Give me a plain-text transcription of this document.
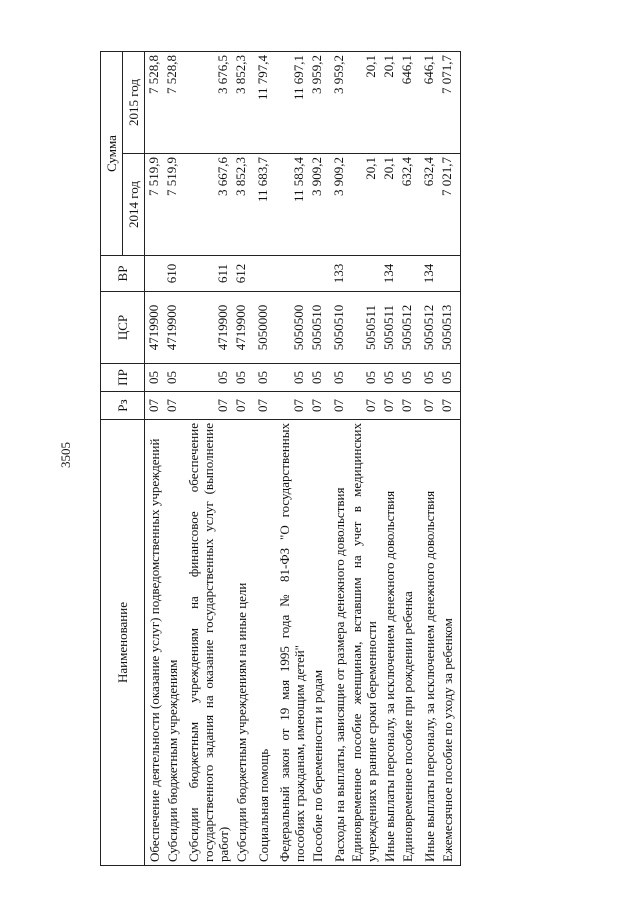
3505
Наименование	Рз	ПР	ЦСР	ВР	Сумма	
					2014 год	2015 год
Обеспечение деятельности (оказание услуг) подведомственных учреждений	07	05	4719900		7 519,9	7 528,8
Субсидии бюджетным учреждениям	07	05	4719900	610	7 519,9	7 528,8
Субсидии бюджетным учреждениям на финансовое обеспечение государственного задания на оказание государственных услуг (выполнение работ)	07	05	4719900	611	3 667,6	3 676,5
Субсидии бюджетным учреждениям на иные цели	07	05	4719900	612	3 852,3	3 852,3
Социальная помощь	07	05	5050000		11 683,7	11 797,4
Федеральный закон от 19 мая 1995 года № 81-ФЗ "О государственных пособиях гражданам, имеющим детей"	07	05	5050500		11 583,4	11 697,1
Пособие по беременности и родам	07	05	5050510		3 909,2	3 959,2
Расходы на выплаты, зависящие от размера денежного довольствия	07	05	5050510	133	3 909,2	3 959,2
Единовременное пособие женщинам, вставшим на учет в медицинских учреждениях в ранние сроки беременности	07	05	5050511		20,1	20,1
Иные выплаты персоналу, за исключением денежного довольствия	07	05	5050511	134	20,1	20,1
Единовременное пособие при рождении ребенка	07	05	5050512		632,4	646,1
Иные выплаты персоналу, за исключением денежного довольствия	07	05	5050512	134	632,4	646,1
Ежемесячное пособие по уходу за ребенком	07	05	5050513		7 021,7	7 071,7
